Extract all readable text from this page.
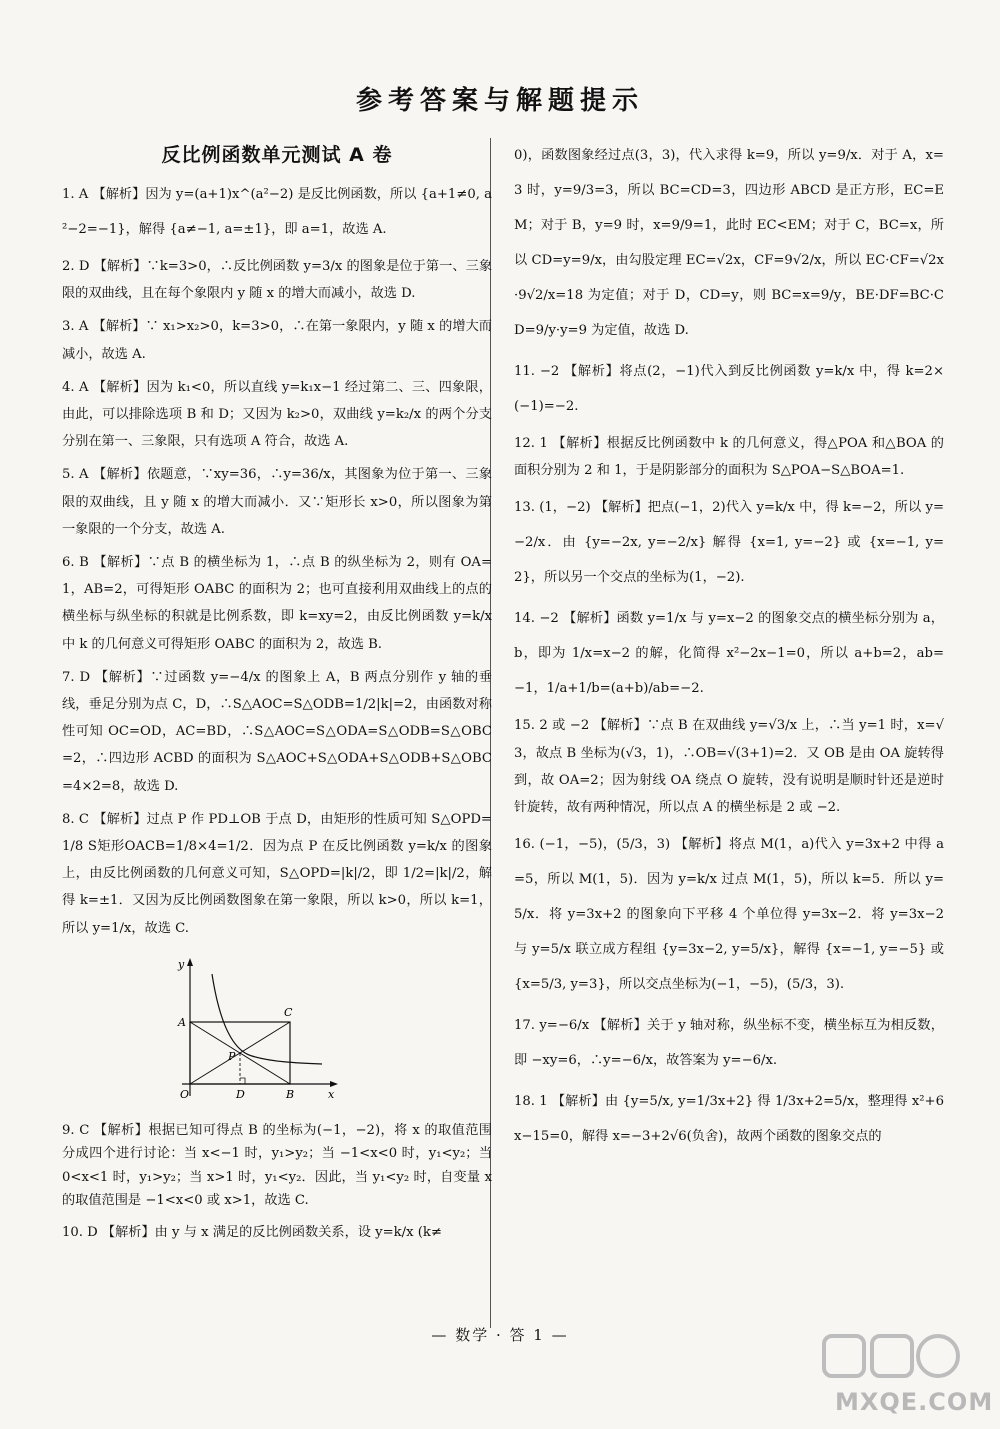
参考答案与解题提示
反比例函数单元测试 A 卷
1. A 【解析】因为 y=(a+1)x^(a²−2) 是反比例函数，所以 {a+1≠0, a²−2=−1}，解得 {a≠−1, a=±1}，即 a=1，故选 A.
2. D 【解析】∵k=3>0，∴反比例函数 y=3/x 的图象是位于第一、三象限的双曲线，且在每个象限内 y 随 x 的增大而减小，故选 D.
3. A 【解析】∵ x₁>x₂>0，k=3>0，∴在第一象限内，y 随 x 的增大而减小，故选 A.
4. A 【解析】因为 k₁<0，所以直线 y=k₁x−1 经过第二、三、四象限，由此，可以排除选项 B 和 D；又因为 k₂>0，双曲线 y=k₂/x 的两个分支分别在第一、三象限，只有选项 A 符合，故选 A.
5. A 【解析】依题意，∵xy=36，∴y=36/x，其图象为位于第一、三象限的双曲线，且 y 随 x 的增大而减小．又∵矩形长 x>0，所以图象为第一象限的一个分支，故选 A.
6. B 【解析】∵点 B 的横坐标为 1，∴点 B 的纵坐标为 2，则有 OA=1，AB=2，可得矩形 OABC 的面积为 2；也可直接利用双曲线上的点的横坐标与纵坐标的积就是比例系数，即 k=xy=2，由反比例函数 y=k/x 中 k 的几何意义可得矩形 OABC 的面积为 2，故选 B.
7. D 【解析】∵过函数 y=−4/x 的图象上 A，B 两点分别作 y 轴的垂线，垂足分别为点 C，D，∴S△AOC=S△ODB=1/2|k|=2，由函数对称性可知 OC=OD，AC=BD，∴S△AOC=S△ODA=S△ODB=S△OBC=2，∴四边形 ACBD 的面积为 S△AOC+S△ODA+S△ODB+S△OBC=4×2=8，故选 D.
8. C 【解析】过点 P 作 PD⊥OB 于点 D，由矩形的性质可知 S△OPD=1/8 S矩形OACB=1/8×4=1/2．因为点 P 在反比例函数 y=k/x 的图象上，由反比例函数的几何意义可知，S△OPD=|k|/2，即 1/2=|k|/2，解得 k=±1．又因为反比例函数图象在第一象限，所以 k>0，所以 k=1，所以 y=1/x，故选 C.
y
x
A
C
P
O	D	B
9. C 【解析】根据已知可得点 B 的坐标为(−1，−2)，将 x 的取值范围分成四个进行讨论：当 x<−1 时，y₁>y₂；当 −1<x<0 时，y₁<y₂；当 0<x<1 时，y₁>y₂；当 x>1 时，y₁<y₂．因此，当 y₁<y₂ 时，自变量 x 的取值范围是 −1<x<0 或 x>1，故选 C.
10. D 【解析】由 y 与 x 满足的反比例函数关系，设 y=k/x (k≠
0)，函数图象经过点(3，3)，代入求得 k=9，所以 y=9/x．对于 A，x=3 时，y=9/3=3，所以 BC=CD=3，四边形 ABCD 是正方形，EC=EM；对于 B，y=9 时，x=9/9=1，此时 EC<EM；对于 C，BC=x，所以 CD=y=9/x，由勾股定理 EC=√2x，CF=9√2/x，所以 EC·CF=√2x·9√2/x=18 为定值；对于 D，CD=y，则 BC=x=9/y，BE·DF=BC·CD=9/y·y=9 为定值，故选 D.
11. −2 【解析】将点(2，−1)代入到反比例函数 y=k/x 中，得 k=2×(−1)=−2.
12. 1 【解析】根据反比例函数中 k 的几何意义，得△POA 和△BOA 的面积分别为 2 和 1，于是阴影部分的面积为 S△POA−S△BOA=1.
13. (1，−2) 【解析】把点(−1，2)代入 y=k/x 中，得 k=−2，所以 y=−2/x．由 {y=−2x, y=−2/x} 解得 {x=1, y=−2} 或 {x=−1, y=2}，所以另一个交点的坐标为(1，−2).
14. −2 【解析】函数 y=1/x 与 y=x−2 的图象交点的横坐标分别为 a，b，即为 1/x=x−2 的解，化简得 x²−2x−1=0，所以 a+b=2，ab=−1，1/a+1/b=(a+b)/ab=−2.
15. 2 或 −2 【解析】∵点 B 在双曲线 y=√3/x 上，∴当 y=1 时，x=√3，故点 B 坐标为(√3，1)，∴OB=√(3+1)=2．又 OB 是由 OA 旋转得到，故 OA=2；因为射线 OA 绕点 O 旋转，没有说明是顺时针还是逆时针旋转，故有两种情况，所以点 A 的横坐标是 2 或 −2.
16. (−1，−5)，(5/3，3) 【解析】将点 M(1，a)代入 y=3x+2 中得 a=5，所以 M(1，5)．因为 y=k/x 过点 M(1，5)，所以 k=5．所以 y=5/x．将 y=3x+2 的图象向下平移 4 个单位得 y=3x−2．将 y=3x−2 与 y=5/x 联立成方程组 {y=3x−2, y=5/x}，解得 {x=−1, y=−5} 或 {x=5/3, y=3}，所以交点坐标为(−1，−5)，(5/3，3).
17. y=−6/x 【解析】关于 y 轴对称，纵坐标不变，横坐标互为相反数，即 −xy=6，∴y=−6/x，故答案为 y=−6/x.
18. 1 【解析】由 {y=5/x, y=1/3x+2} 得 1/3x+2=5/x，整理得 x²+6x−15=0，解得 x=−3+2√6(负舍)，故两个函数的图象交点的
— 数学 · 答 1 —
MXQE.COM
